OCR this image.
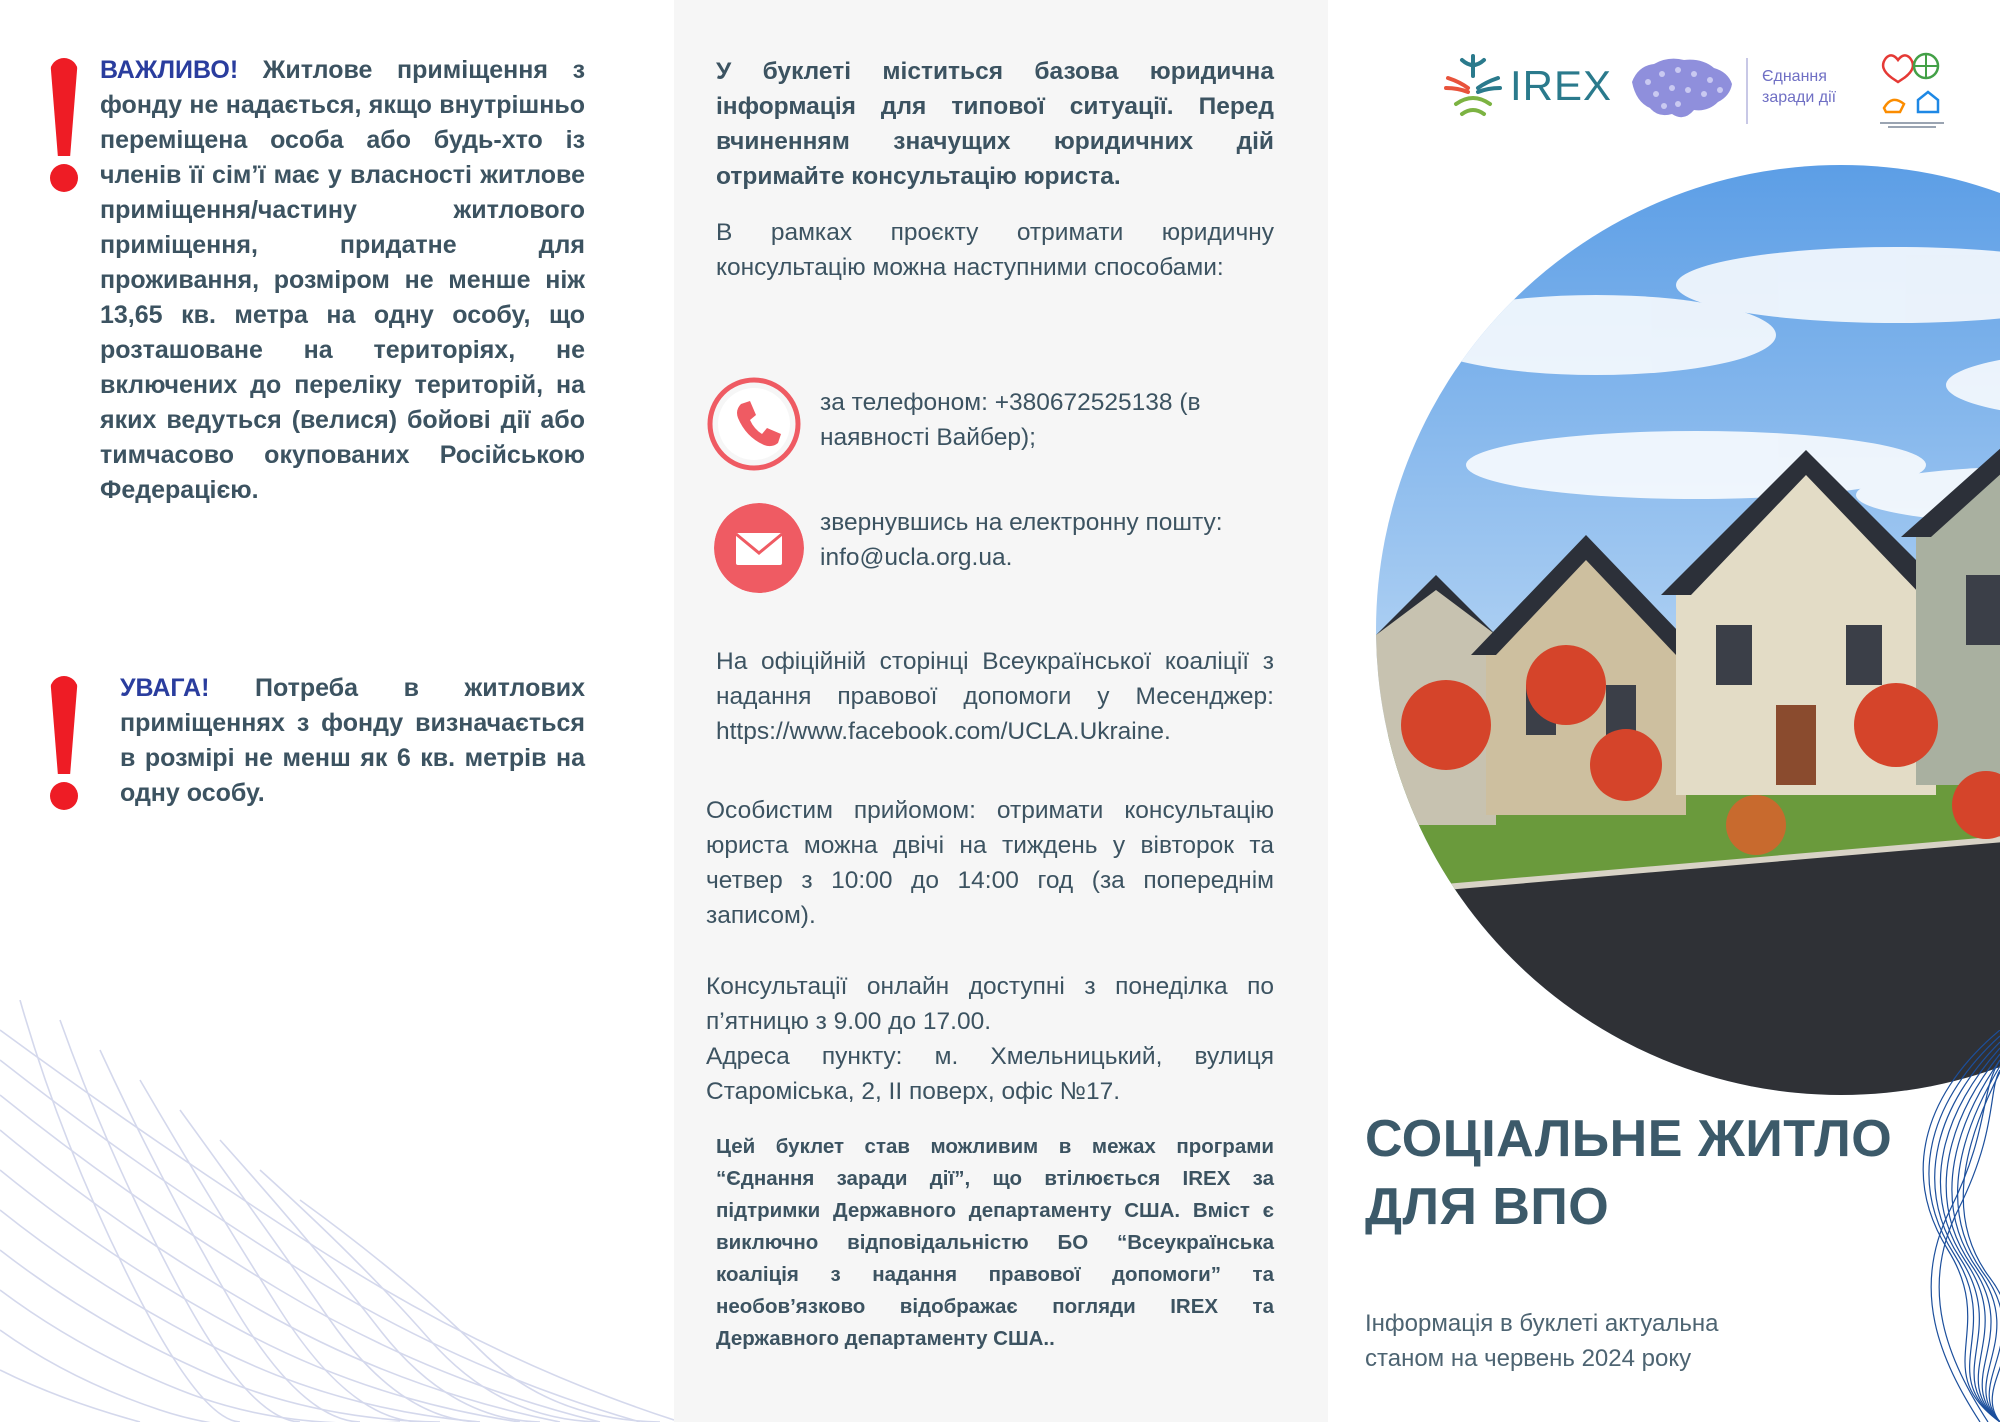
ВАЖЛИВО! Житлове приміщення з фонду не надається, якщо внутрішньо переміщена особа або будь-хто із членів її сім’ї має у власності житлове приміщення/частину житлового приміщення, придатне для проживання, розміром не менше ніж 13,65 кв. метра на одну особу, що розташоване на територіях, не включених до переліку територій, на яких ведуться (велися) бойові дії або тимчасово окупованих Російською Федерацією.
УВАГА! Потреба в житлових приміщеннях з фонду визначається в розмірі не менш як 6 кв. метрів на одну особу.
У буклеті міститься базова юридична інформація для типової ситуації. Перед вчиненням значущих юридичних дій отримайте консультацію юриста.
В рамках проєкту отримати юридичну консультацію можна наступними способами:
за телефоном: +380672525138 (в наявності Вайбер);
звернувшись на електронну пошту: info@ucla.org.ua.
На офіційній сторінці Всеукраїнської коаліції з надання правової допомоги у Месенджер: https://www.facebook.com/UCLA.Ukraine.
Особистим прийомом: отримати консультацію юриста можна двічі на тиждень у вівторок та четвер з 10:00 до 14:00 год (за попереднім записом).
Консультації онлайн доступні з понеділка по п’ятницю з 9.00 до 17.00.
Адреса пункту: м. Хмельницький, вулиця Староміська, 2, ІІ поверх, офіс №17.
Цей буклет став можливим в межах програми “Єднання заради дії”, що втілюється IREX за підтримки Державного департаменту США. Вміст є виключно відповідальністю БО “Всеукраїнська коаліція з надання правової допомоги” та необов’язково відображає погляди IREX та Державного департаменту США..
IREX	Єднання
заради дії
СОЦІАЛЬНЕ ЖИТЛО
ДЛЯ ВПО
Інформація в буклеті актуальна
станом на червень 2024 року
